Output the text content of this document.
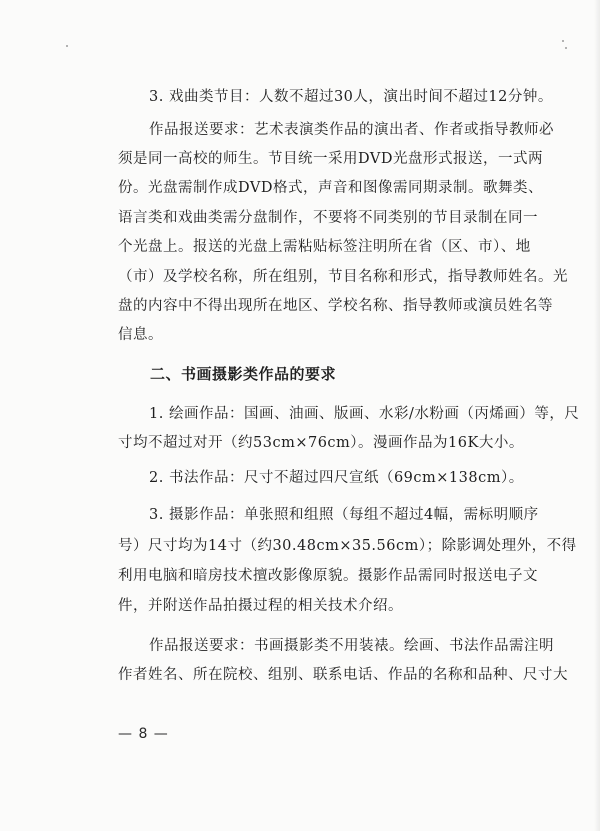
3. 戏曲类节目：人数不超过30人，演出时间不超过12分钟。
作品报送要求：艺术表演类作品的演出者、作者或指导教师必
须是同一高校的师生。节目统一采用DVD光盘形式报送，一式两
份。光盘需制作成DVD格式，声音和图像需同期录制。歌舞类、
语言类和戏曲类需分盘制作，不要将不同类别的节目录制在同一
个光盘上。报送的光盘上需粘贴标签注明所在省（区、市）、地
（市）及学校名称，所在组别，节目名称和形式，指导教师姓名。光
盘的内容中不得出现所在地区、学校名称、指导教师或演员姓名等
信息。
二、书画摄影类作品的要求
1. 绘画作品：国画、油画、版画、水彩/水粉画（丙烯画）等，尺
寸均不超过对开（约53cm×76cm）。漫画作品为16K大小。
2. 书法作品：尺寸不超过四尺宣纸（69cm×138cm）。
3. 摄影作品：单张照和组照（每组不超过4幅，需标明顺序
号）尺寸均为14寸（约30.48cm×35.56cm）；除影调处理外，不得
利用电脑和暗房技术擅改影像原貌。摄影作品需同时报送电子文
件，并附送作品拍摄过程的相关技术介绍。
作品报送要求：书画摄影类不用装裱。绘画、书法作品需注明
作者姓名、所在院校、组别、联系电话、作品的名称和品种、尺寸大
— 8 —
